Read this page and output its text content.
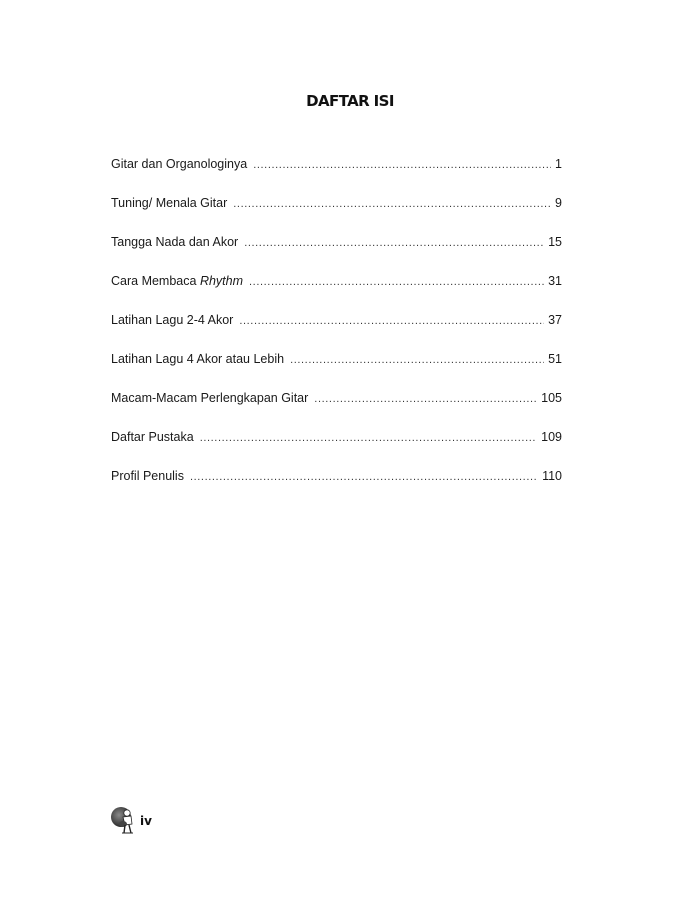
DAFTAR ISI
Gitar dan Organologinya .....	1
Tuning/ Menala Gitar .....	9
Tangga Nada dan Akor .....	15
Cara Membaca Rhythm .....	31
Latihan Lagu 2-4 Akor .....	37
Latihan Lagu 4 Akor atau Lebih .....	51
Macam-Macam Perlengkapan Gitar .....	105
Daftar Pustaka .....	109
Profil Penulis .....	110
iv
